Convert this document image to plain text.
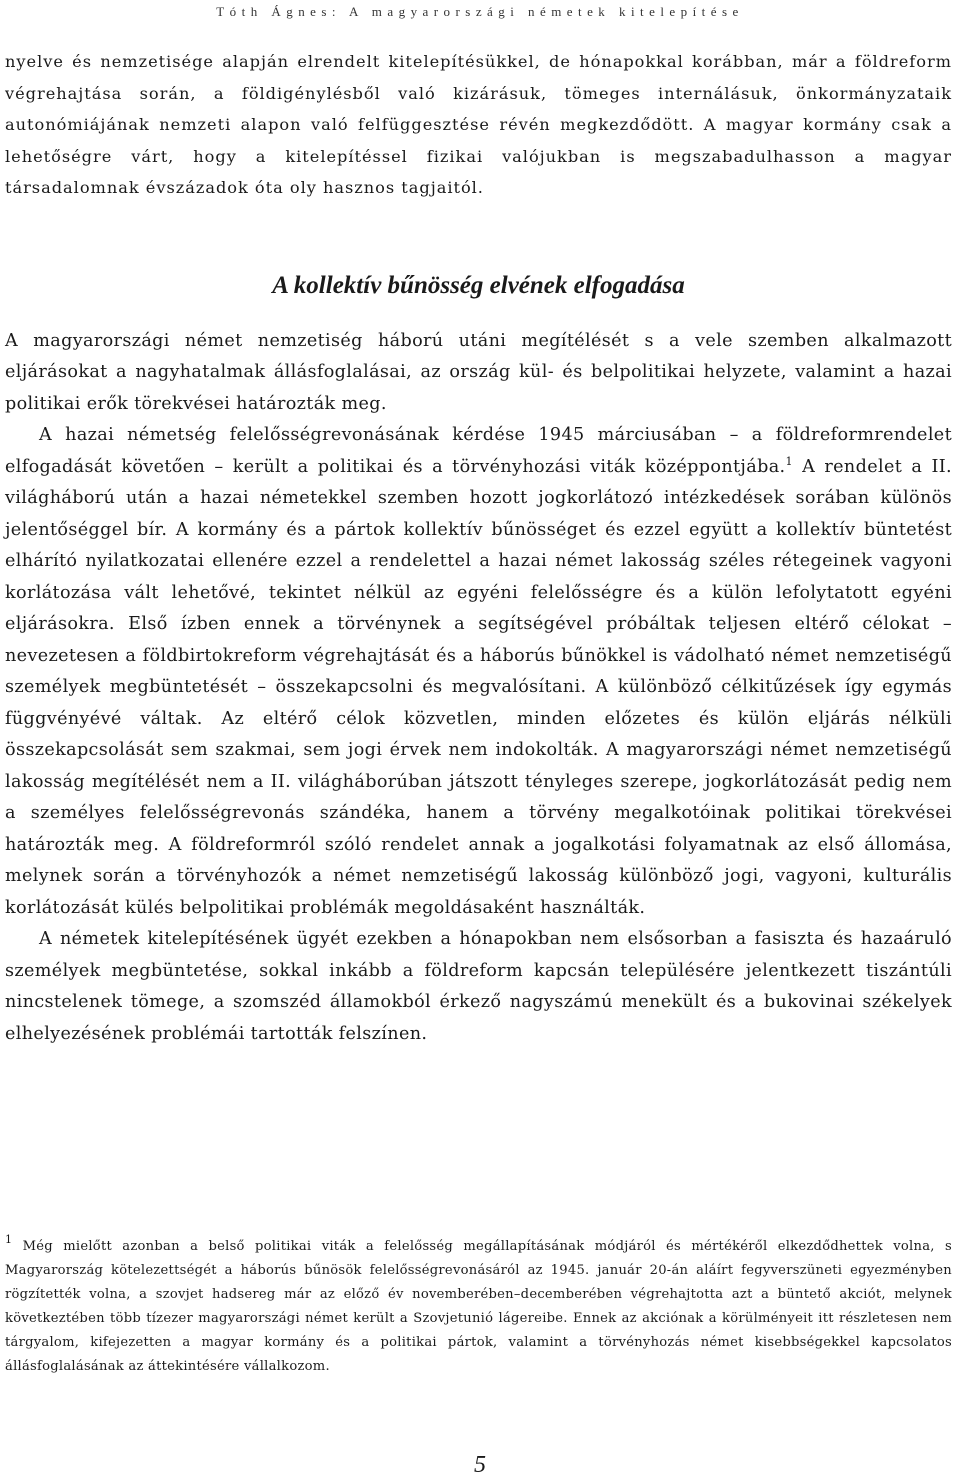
Tóth Ágnes: A magyarországi németek kitelepítése

nyelve és nemzetisége alapján elrendelt kitelepítésükkel, de hónapokkal korábban, már a földreform végrehajtása során, a földigénylésből való kizárásuk, tömeges internálásuk, önkormányzataik autonómiájának nemzeti alapon való felfüggesztése révén megkezdődött. A magyar kormány csak a lehetőségre várt, hogy a kitelepítéssel fizikai valójukban is megszabadulhasson a magyar társadalomnak évszázadok óta oly hasznos tagjaitól.

A kollektív bűnösség elvének elfogadása

A magyarországi német nemzetiség háború utáni megítélését s a vele szemben alkalmazott eljárásokat a nagyhatalmak állásfoglalásai, az ország kül- és belpolitikai helyzete, valamint a hazai politikai erők törekvései határozták meg.

A hazai németség felelősségrevonásának kérdése 1945 márciusában – a földreformrendelet elfogadását követően – került a politikai és a törvényhozási viták középpontjába.$^1$ A rendelet a II. világháború után a hazai németekkel szemben hozott jogkorlátozó intézkedések sorában különös jelentőséggel bír. A kormány és a pártok kollektív bűnösséget és ezzel együtt a kollektív büntetést elhárító nyilatkozatai ellenére ezzel a rendelettel a hazai német lakosság széles rétegeinek vagyoni korlátozása vált lehetővé, tekintet nélkül az egyéni felelősségre és a külön lefolytatott egyéni eljárásokra. Első ízben ennek a törvénynek a segítségével próbáltak teljesen eltérő célokat – nevezetesen a földbirtokreform végrehajtását és a háborús bűnökkel is vádolható német nemzetiségű személyek megbüntetését – összekapcsolni és megvalósítani. A különböző célkitűzések így egymás függvényévé váltak. Az eltérő célok közvetlen, minden előzetes és külön eljárás nélküli összekapcsolását sem szakmai, sem jogi érvek nem indokolták. A magyarországi német nemzetiségű lakosság megítélését nem a II. világháborúban játszott tényleges szerepe, jogkorlátozását pedig nem a személyes felelősségrevonás szándéka, hanem a törvény megalkotóinak politikai törekvései határozták meg. A földreformról szóló rendelet annak a jogalkotási folyamatnak az első állomása, melynek során a törvényhozók a német nemzetiségű lakosság különböző jogi, vagyoni, kulturális korlátozását külés belpolitikai problémák megoldásaként használták.

A németek kitelepítésének ügyét ezekben a hónapokban nem elsősorban a fasiszta és hazaáruló személyek megbüntetése, sokkal inkább a földreform kapcsán településére jelentkezett tiszántúli nincstelenek tömege, a szomszéd államokból érkező nagyszámú menekült és a bukovinai székelyek elhelyezésének problémái tartották felszínen.

$^1$ Még mielőtt azonban a belső politikai viták a felelősség megállapításának módjáról és mértékéről elkezdődhettek volna, s Magyarország kötelezettségét a háborús bűnösök felelősségrevonásáról az 1945. január 20-án aláírt fegyverszüneti egyezményben rögzítették volna, a szovjet hadsereg már az előző év novemberében–decemberében végrehajtotta azt a büntető akciót, melynek következtében több tízezer magyarországi német került a Szovjetunió lágereibe. Ennek az akciónak a körülményeit itt részletesen nem tárgyalom, kifejezetten a magyar kormány és a politikai pártok, valamint a törvényhozás német kisebbségekkel kapcsolatos állásfoglalásának az áttekintésére vállalkozom.

5
